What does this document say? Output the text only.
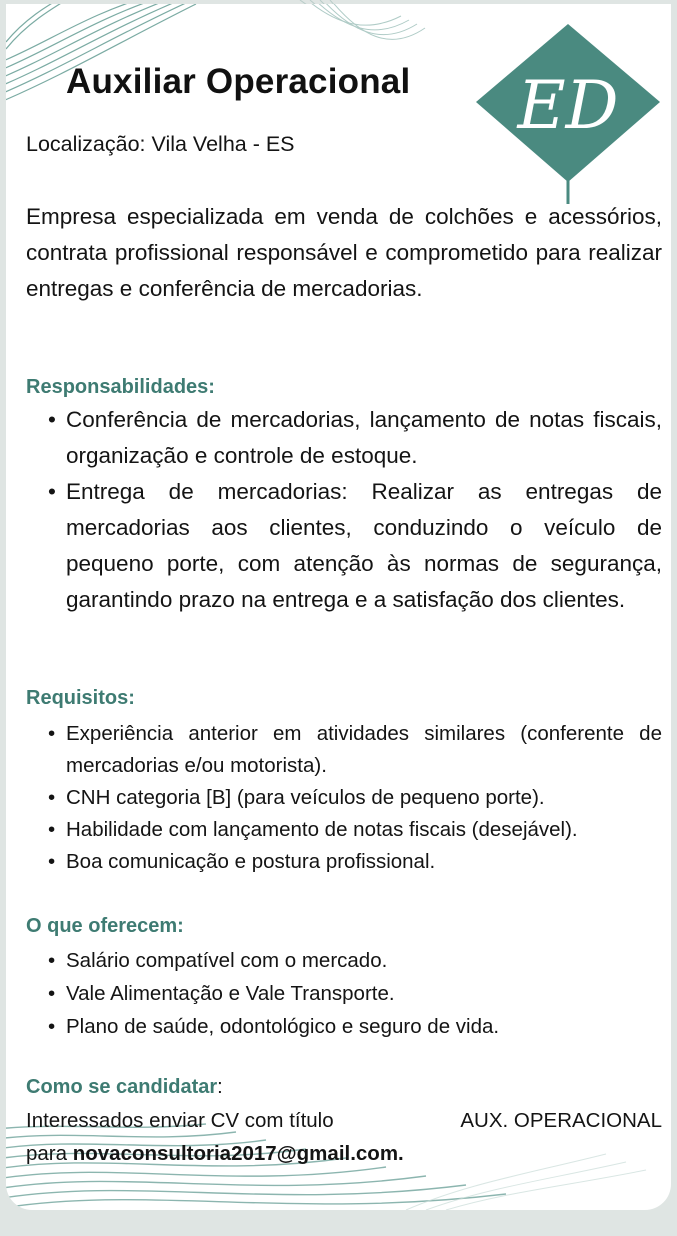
ED
Auxiliar Operacional
Localização: Vila Velha - ES

Empresa especializada em venda de colchões e acessórios, contrata profissional responsável e comprometido para realizar entregas e conferência de mercadorias.

Responsabilidades:
• Conferência de mercadorias, lançamento de notas fiscais, organização e controle de estoque.
• Entrega de mercadorias: Realizar as entregas de mercadorias aos clientes, conduzindo o veículo de pequeno porte, com atenção às normas de segurança, garantindo prazo na entrega e a satisfação dos clientes.
Requisitos:
• Experiência anterior em atividades similares (conferente de mercadorias e/ou motorista).
• CNH categoria [B] (para veículos de pequeno porte).
• Habilidade com lançamento de notas fiscais (desejável).
• Boa comunicação e postura profissional.
O que oferecem:
• Salário compatível com o mercado.
• Vale Alimentação e Vale Transporte.
• Plano de saúde, odontológico e seguro de vida.
Como se candidatar:
Interessados enviar CV com título	AUX. OPERACIONAL
para novaconsultoria2017@gmail.com.
